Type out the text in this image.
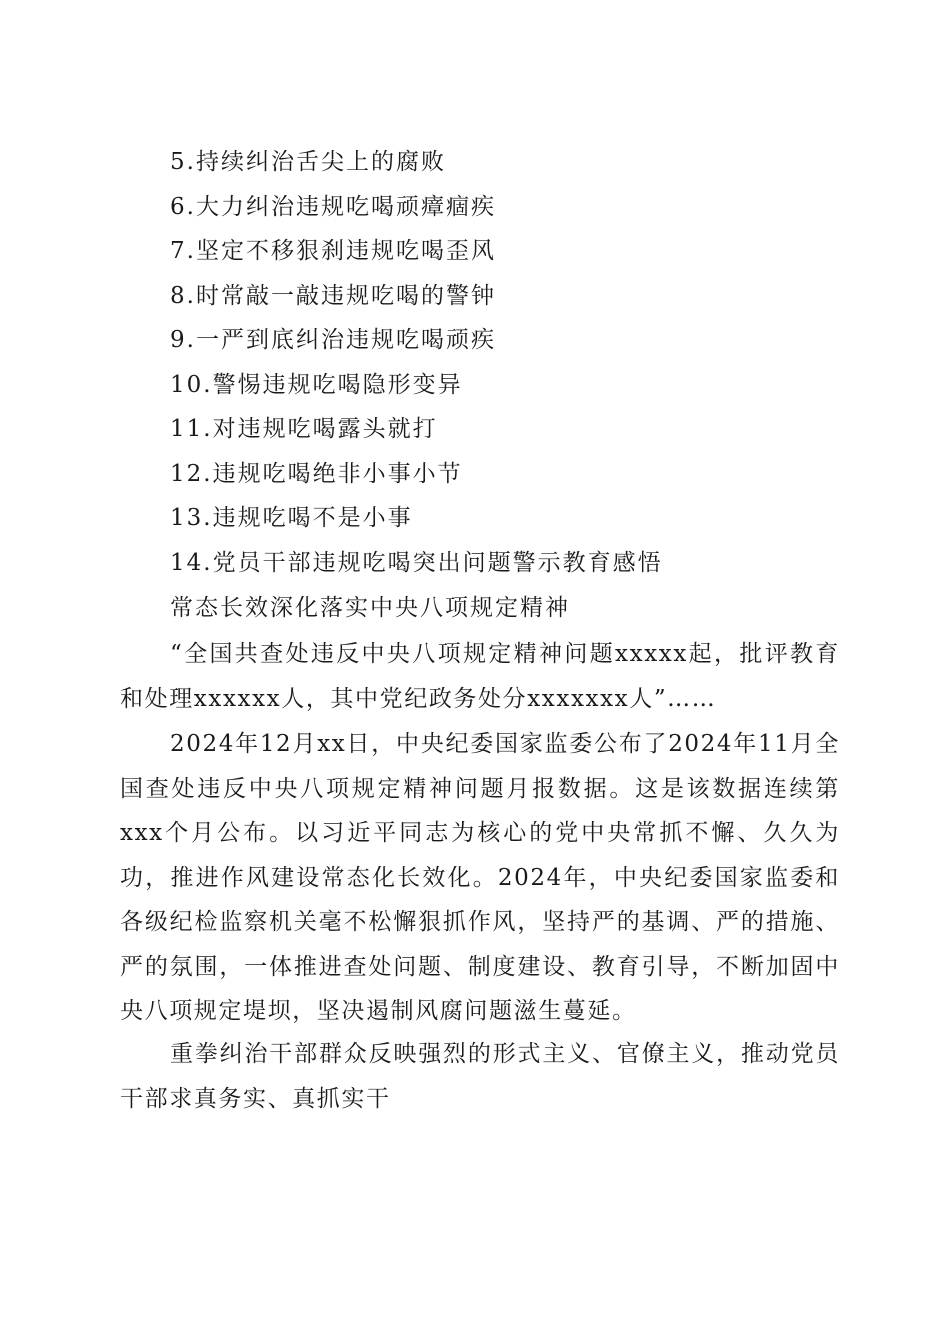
5.持续纠治舌尖上的腐败
6.大力纠治违规吃喝顽瘴痼疾
7.坚定不移狠刹违规吃喝歪风
8.时常敲一敲违规吃喝的警钟
9.一严到底纠治违规吃喝顽疾
10.警惕违规吃喝隐形变异
11.对违规吃喝露头就打
12.违规吃喝绝非小事小节
13.违规吃喝不是小事
14.党员干部违规吃喝突出问题警示教育感悟
常态长效深化落实中央八项规定精神

“全国共查处违反中央八项规定精神问题xxxxx起，批评教育和处理xxxxxx人，其中党纪政务处分xxxxxxx人”……

2024年12月xx日，中央纪委国家监委公布了2024年11月全国查处违反中央八项规定精神问题月报数据。这是该数据连续第xxx个月公布。以习近平同志为核心的党中央常抓不懈、久久为功，推进作风建设常态化长效化。2024年，中央纪委国家监委和各级纪检监察机关毫不松懈狠抓作风，坚持严的基调、严的措施、严的氛围，一体推进查处问题、制度建设、教育引导，不断加固中央八项规定堤坝，坚决遏制风腐问题滋生蔓延。

重拳纠治干部群众反映强烈的形式主义、官僚主义，推动党员干部求真务实、真抓实干
